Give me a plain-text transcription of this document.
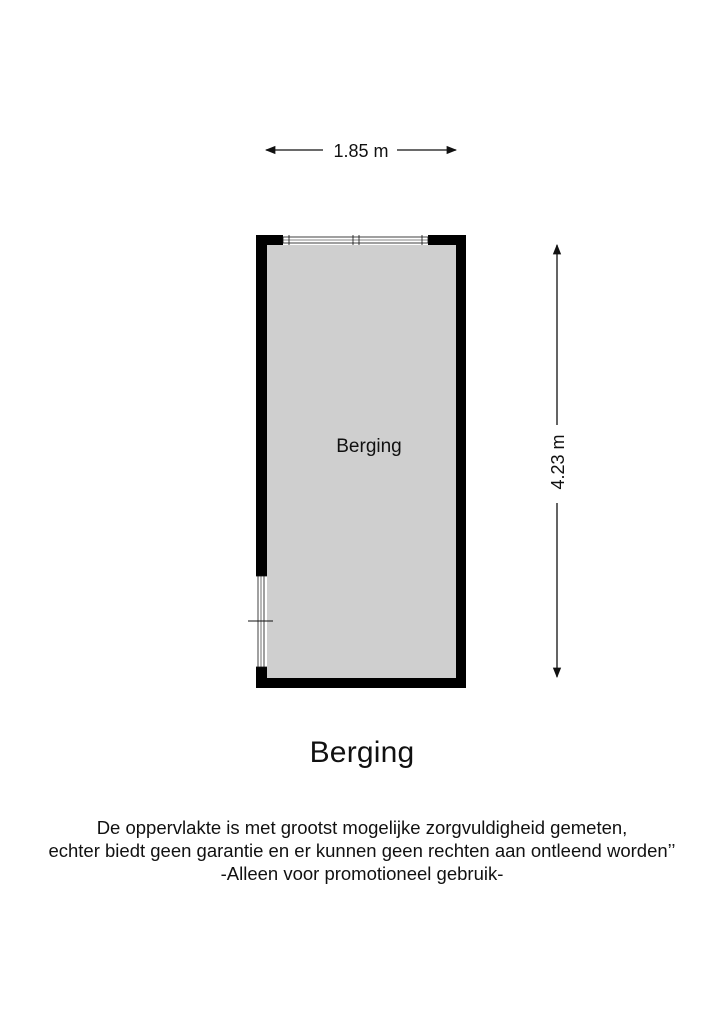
1.85 m
4.23 m
Berging
Berging
De oppervlakte is met grootst mogelijke zorgvuldigheid gemeten,
echter biedt geen garantie en er kunnen geen rechten aan ontleend worden’’
-Alleen voor promotioneel gebruik-
